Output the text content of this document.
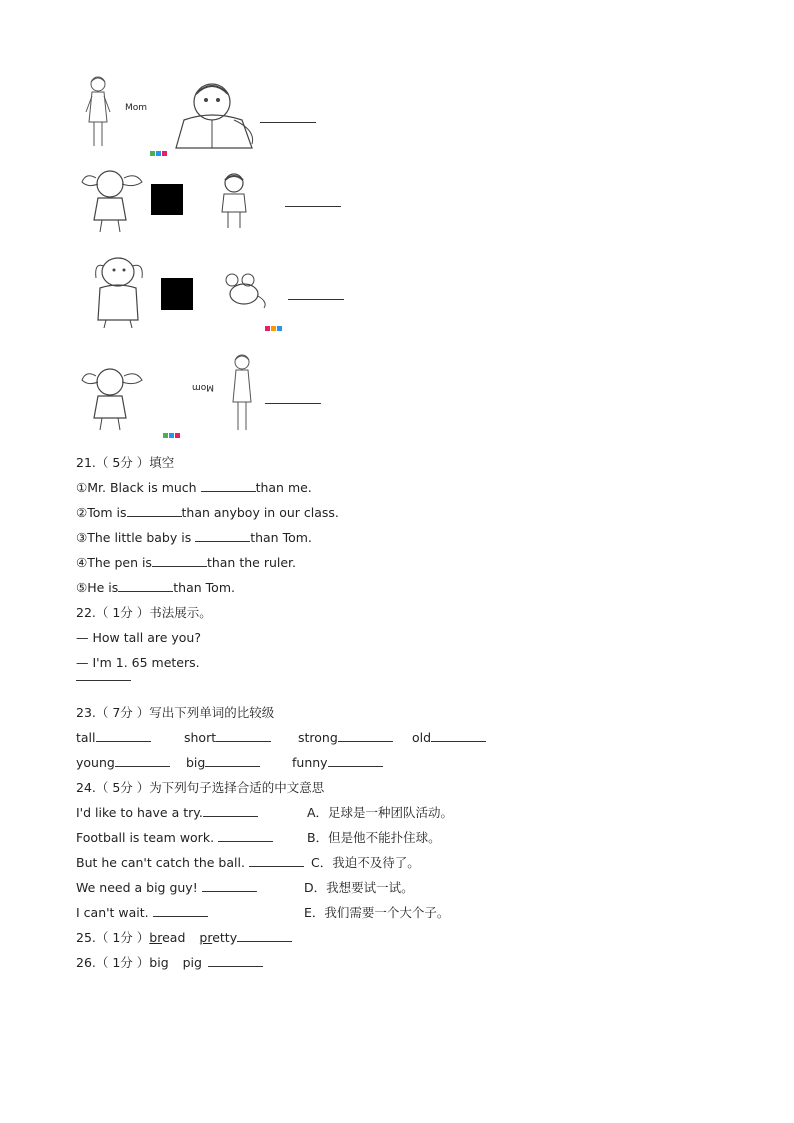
Mom
Mom
21.（ 5分 ）填空
①Mr. Black is much	than me.
②Tom is	than anyboy in our class.
③The little baby is	than Tom.
④The pen is	than the ruler.
⑤He is	than Tom.
22.（ 1分 ）书法展示。
— How tall are you?
— I'm 1. 65 meters.
23.（ 7分 ）写出下列单词的比较级
tall	short	strong	old
young	big	funny
24.（ 5分 ）为下列句子选择合适的中文意思
I'd like to have a try.	A．足球是一种团队活动。
Football is team work.	B．但是他不能扑住球。
But he can't catch the ball.	C．我迫不及待了。
We need a big guy!	D．我想要试一试。
I can't wait.	E．我们需要一个大个子。
25.（ 1分 ）bread pretty
26.（ 1分 ）big pig
